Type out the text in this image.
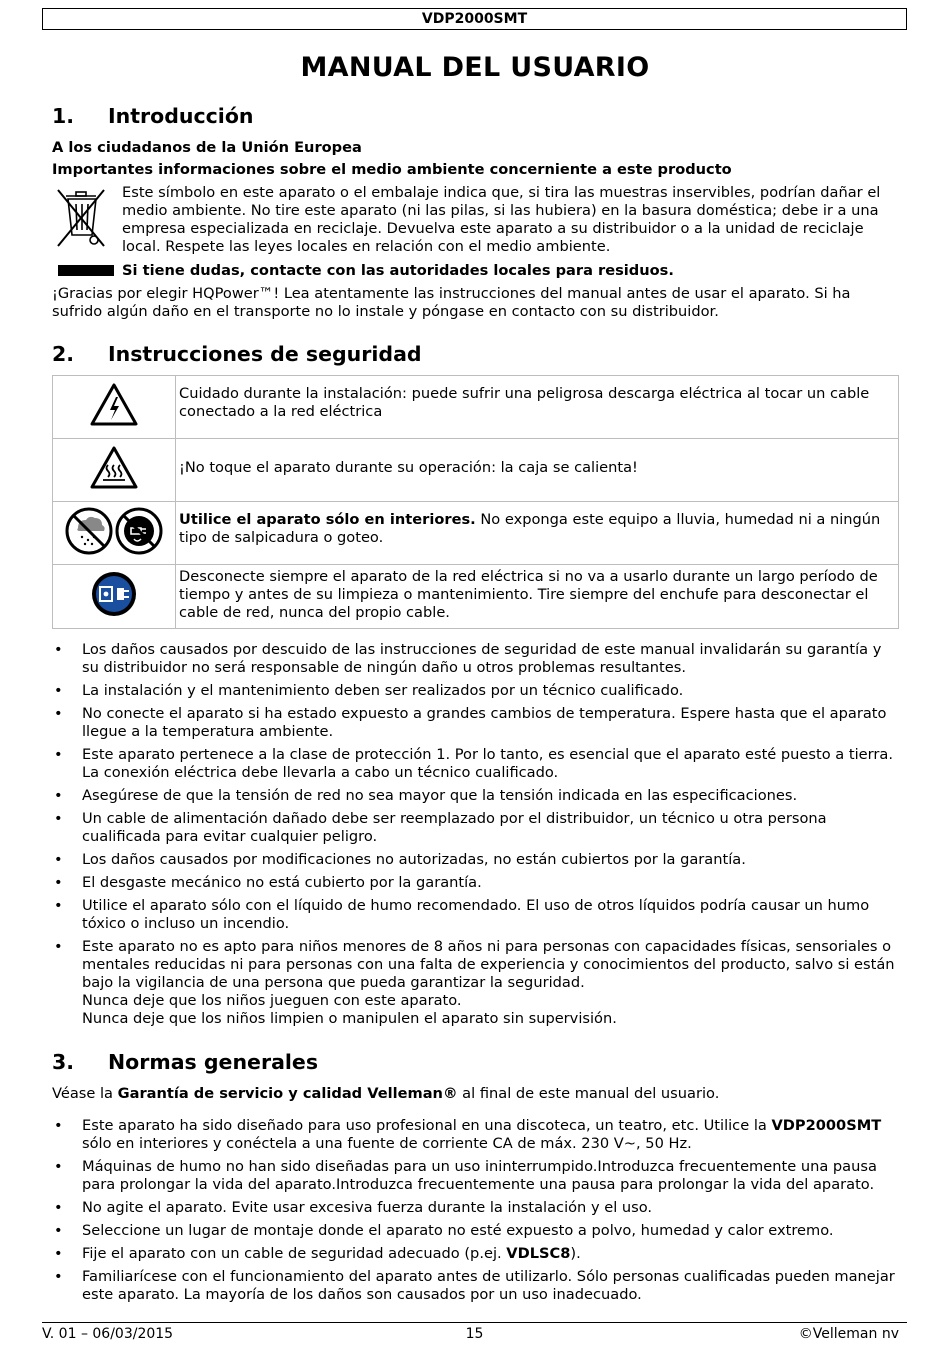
VDP2000SMT
MANUAL DEL USUARIO
1. Introducción
A los ciudadanos de la Unión Europea
Importantes informaciones sobre el medio ambiente concerniente a este producto
Este símbolo en este aparato o el embalaje indica que, si tira las muestras inservibles, podrían dañar el medio ambiente. No tire este aparato (ni las pilas, si las hubiera) en la basura doméstica; debe ir a una empresa especializada en reciclaje. Devuelva este aparato a su distribuidor o a la unidad de reciclaje local. Respete las leyes locales en relación con el medio ambiente.
Si tiene dudas, contacte con las autoridades locales para residuos.
¡Gracias por elegir HQPower™! Lea atentamente las instrucciones del manual antes de usar el aparato. Si ha sufrido algún daño en el transporte no lo instale y póngase en contacto con su distribuidor.
2. Instrucciones de seguridad
	Cuidado durante la instalación: puede sufrir una peligrosa descarga eléctrica al tocar un cable conectado a la red eléctrica
	¡No toque el aparato durante su operación: la caja se calienta!
	Utilice el aparato sólo en interiores. No exponga este equipo a lluvia, humedad ni a ningún tipo de salpicadura o goteo.
	Desconecte siempre el aparato de la red eléctrica si no va a usarlo durante un largo período de tiempo y antes de su limpieza o mantenimiento. Tire siempre del enchufe para desconectar el cable de red, nunca del propio cable.
• Los daños causados por descuido de las instrucciones de seguridad de este manual invalidarán su garantía y su distribuidor no será responsable de ningún daño u otros problemas resultantes.
• La instalación y el mantenimiento deben ser realizados por un técnico cualificado.
• No conecte el aparato si ha estado expuesto a grandes cambios de temperatura. Espere hasta que el aparato llegue a la temperatura ambiente.
• Este aparato pertenece a la clase de protección 1. Por lo tanto, es esencial que el aparato esté puesto a tierra. La conexión eléctrica debe llevarla a cabo un técnico cualificado.
• Asegúrese de que la tensión de red no sea mayor que la tensión indicada en las especificaciones.
• Un cable de alimentación dañado debe ser reemplazado por el distribuidor, un técnico u otra persona cualificada para evitar cualquier peligro.
• Los daños causados por modificaciones no autorizadas, no están cubiertos por la garantía.
• El desgaste mecánico no está cubierto por la garantía.
• Utilice el aparato sólo con el líquido de humo recomendado. El uso de otros líquidos podría causar un humo tóxico o incluso un incendio.
• Este aparato no es apto para niños menores de 8 años ni para personas con capacidades físicas, sensoriales o mentales reducidas ni para personas con una falta de experiencia y conocimientos del producto, salvo si están bajo la vigilancia de una persona que pueda garantizar la seguridad.
Nunca deje que los niños jueguen con este aparato.
Nunca deje que los niños limpien o manipulen el aparato sin supervisión.
3. Normas generales
Véase la Garantía de servicio y calidad Velleman® al final de este manual del usuario.
• Este aparato ha sido diseñado para uso profesional en una discoteca, un teatro, etc. Utilice la VDP2000SMT sólo en interiores y conéctela a una fuente de corriente CA de máx. 230 V~, 50 Hz.
• Máquinas de humo no han sido diseñadas para un uso ininterrumpido.Introduzca frecuentemente una pausa para prolongar la vida del aparato.Introduzca frecuentemente una pausa para prolongar la vida del aparato.
• No agite el aparato. Evite usar excesiva fuerza durante la instalación y el uso.
• Seleccione un lugar de montaje donde el aparato no esté expuesto a polvo, humedad y calor extremo.
• Fije el aparato con un cable de seguridad adecuado (p.ej. VDLSC8).
• Familiarícese con el funcionamiento del aparato antes de utilizarlo. Sólo personas cualificadas pueden manejar este aparato. La mayoría de los daños son causados por un uso inadecuado.
15
V. 01 – 06/03/2015	©Velleman nv
